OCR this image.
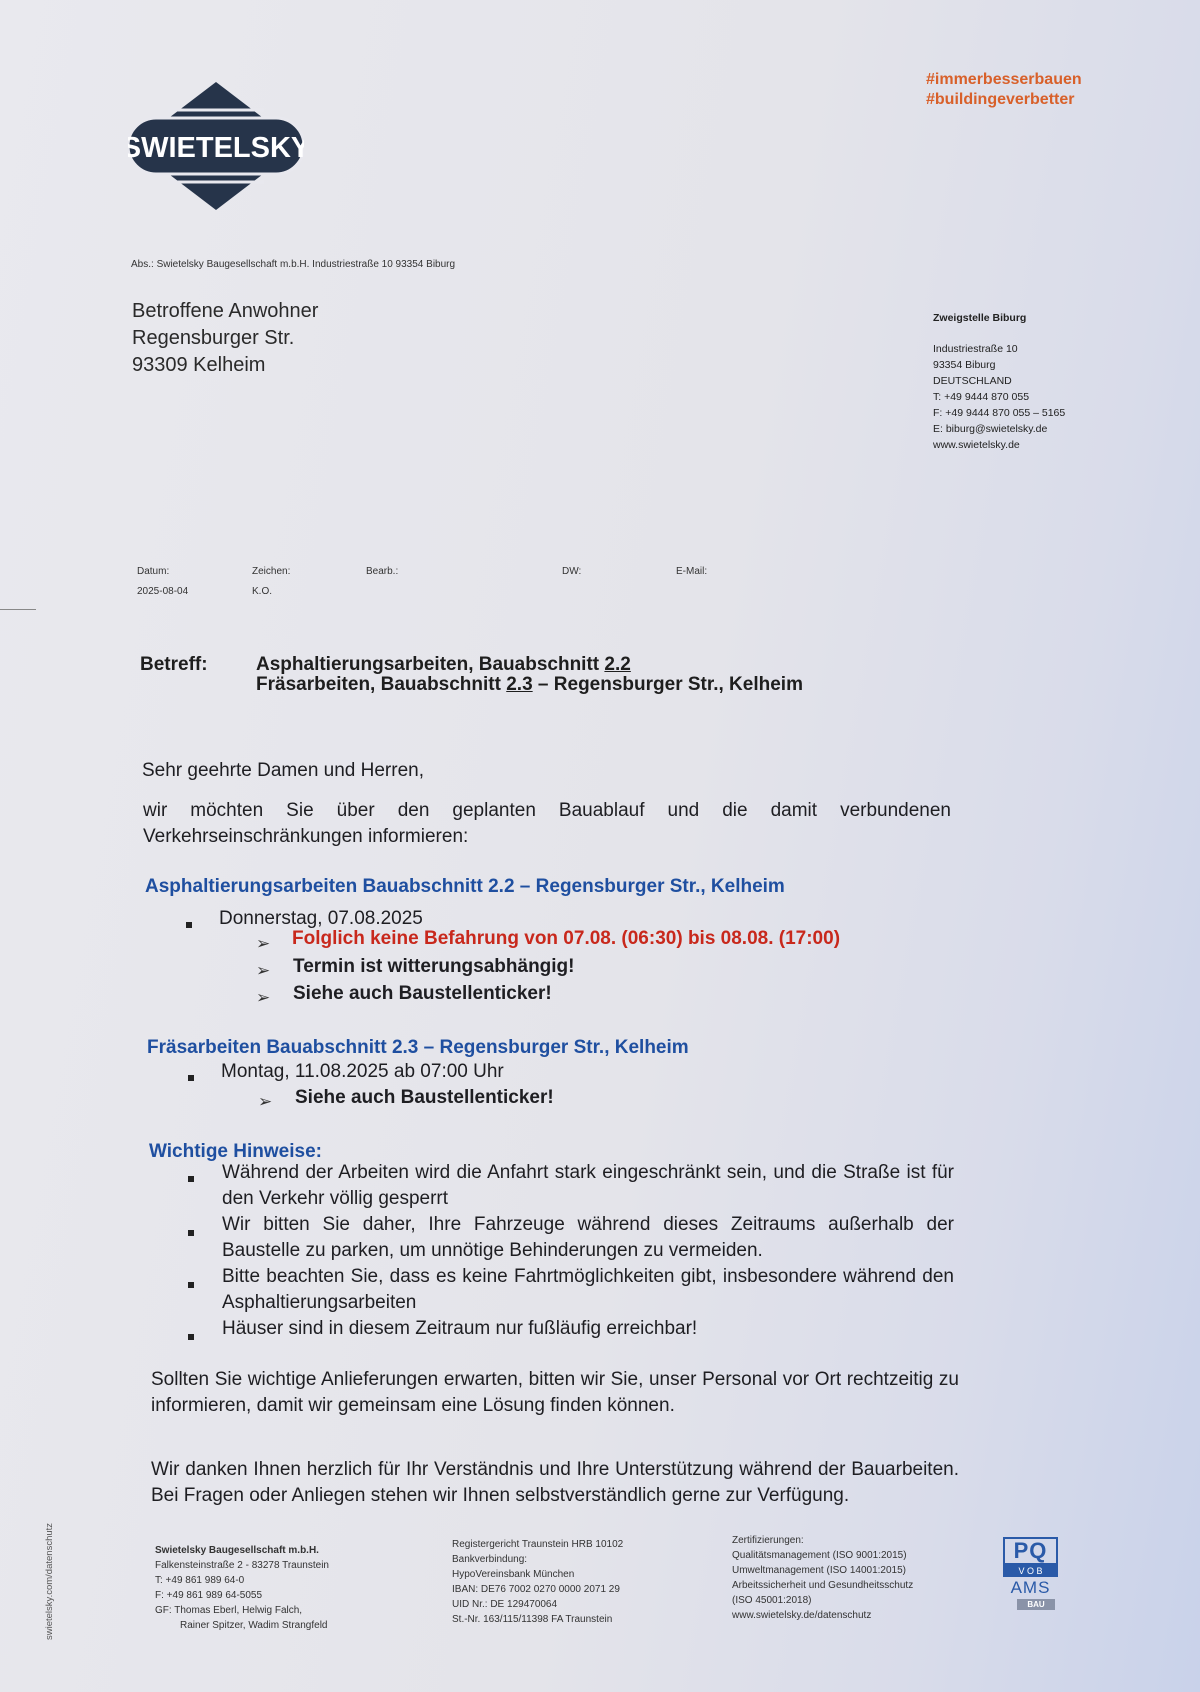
#immerbesserbauen
#buildingeverbetter
SWIETELSKY
Abs.: Swietelsky Baugesellschaft m.b.H. Industriestraße 10 93354 Biburg
Betroffene Anwohner
Regensburger Str.
93309 Kelheim
Zweigstelle Biburg
Industriestraße 10
93354 Biburg
DEUTSCHLAND
T: +49 9444 870 055
F: +49 9444 870 055 – 5165
E: biburg@swietelsky.de
www.swietelsky.de
Datum:
2025-08-04
Zeichen:
K.O.
Bearb.:	DW:	E-Mail:
Betreff:	Asphaltierungsarbeiten, Bauabschnitt 2.2
Fräsarbeiten, Bauabschnitt 2.3 – Regensburger Str., Kelheim
Sehr geehrte Damen und Herren,
wir möchten Sie über den geplanten Bauablauf und die damit verbundenen Verkehrseinschränkungen informieren:
Asphaltierungsarbeiten Bauabschnitt 2.2 – Regensburger Str., Kelheim
Donnerstag, 07.08.2025
➢ Folglich keine Befahrung von 07.08. (06:30) bis 08.08. (17:00)
➢ Termin ist witterungsabhängig!
➢ Siehe auch Baustellenticker!
Fräsarbeiten Bauabschnitt 2.3 – Regensburger Str., Kelheim
Montag, 11.08.2025 ab 07:00 Uhr
➢ Siehe auch Baustellenticker!
Wichtige Hinweise:
Während der Arbeiten wird die Anfahrt stark eingeschränkt sein, und die Straße ist für den Verkehr völlig gesperrt
Wir bitten Sie daher, Ihre Fahrzeuge während dieses Zeitraums außerhalb der Baustelle zu parken, um unnötige Behinderungen zu vermeiden.
Bitte beachten Sie, dass es keine Fahrtmöglichkeiten gibt, insbesondere während den Asphaltierungsarbeiten
Häuser sind in diesem Zeitraum nur fußläufig erreichbar!
Sollten Sie wichtige Anlieferungen erwarten, bitten wir Sie, unser Personal vor Ort rechtzeitig zu informieren, damit wir gemeinsam eine Lösung finden können.
Wir danken Ihnen herzlich für Ihr Verständnis und Ihre Unterstützung während der Bauarbeiten. Bei Fragen oder Anliegen stehen wir Ihnen selbstverständlich gerne zur Verfügung.
Swietelsky Baugesellschaft m.b.H.
Falkensteinstraße 2 - 83278 Traunstein
T: +49 861 989 64-0
F: +49 861 989 64-5055
GF: Thomas Eberl, Helwig Falch,
Rainer Spitzer, Wadim Strangfeld
Registergericht Traunstein HRB 10102
Bankverbindung:
HypoVereinsbank München
IBAN: DE76 7002 0270 0000 2071 29
UID Nr.: DE 129470064
St.-Nr. 163/115/11398 FA Traunstein
Zertifizierungen:
Qualitätsmanagement (ISO 9001:2015)
Umweltmanagement (ISO 14001:2015)
Arbeitssicherheit und Gesundheitsschutz
(ISO 45001:2018)
www.swietelsky.de/datenschutz
swietelsky.com/datenschutz	PQ
V O B
AMS
BAU
